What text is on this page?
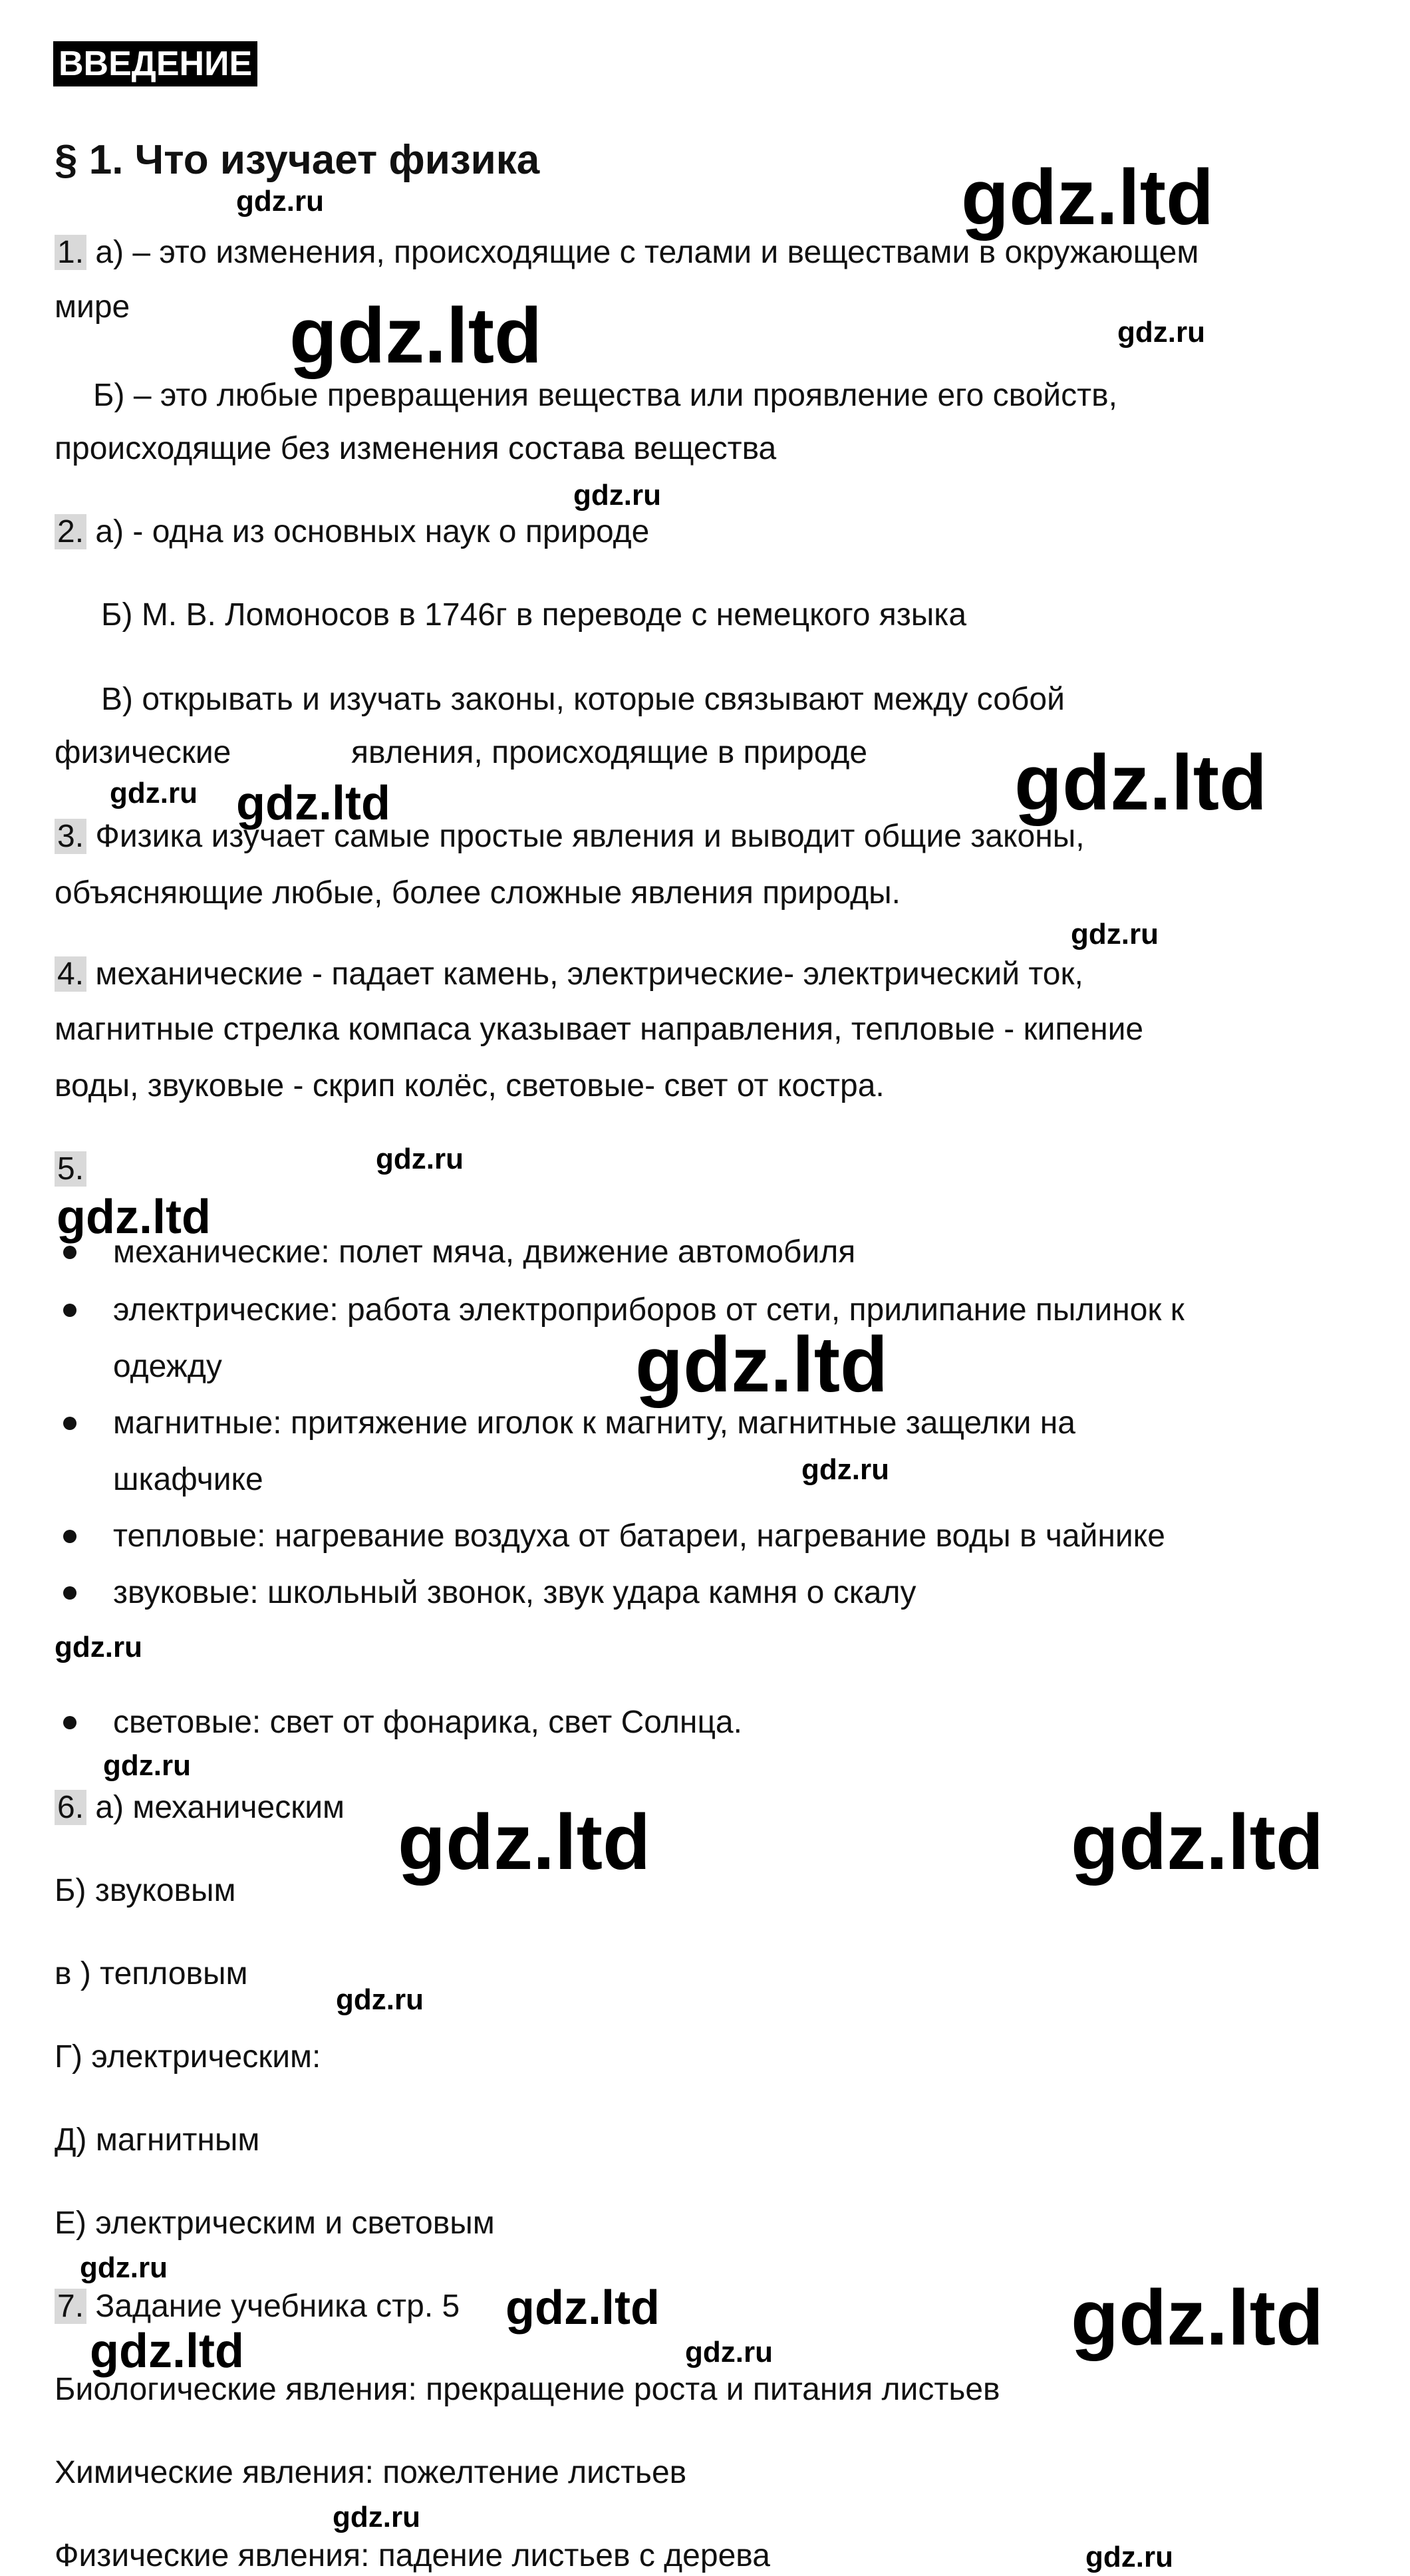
ВВЕДЕНИЕ
§ 1. Что изучает физика
1. а) – это изменения, происходящие с телами и веществами в окружающем
мире
Б) – это любые превращения вещества или проявление его свойств,
происходящие без изменения состава вещества
2. а) - одна из основных наук о природе
Б) М. В. Ломоносов в 1746г в переводе с немецкого языка
В) открывать и изучать законы, которые связывают между собой
физические	явления, происходящие в природе
3. Физика изучает самые простые явления и выводит общие законы,
объясняющие любые, более сложные явления природы.
4. механические - падает камень, электрические- электрический ток,
магнитные стрелка компаса указывает направления, тепловые - кипение
воды, звуковые - скрип колёс, световые- свет от костра.
5.
механические: полет мяча, движение автомобиля
электрические: работа электроприборов от сети, прилипание пылинок к
одежду
магнитные: притяжение иголок к магниту, магнитные защелки на
шкафчике
тепловые: нагревание воздуха от батареи, нагревание воды в чайнике
звуковые: школьный звонок, звук удара камня о скалу
световые: свет от фонарика, свет Солнца.
6. а) механическим
Б) звуковым
в ) тепловым
Г) электрическим:
Д) магнитным
Е) электрическим и световым
7. Задание учебника стр. 5
Биологические явления: прекращение роста и питания листьев
Химические явления: пожелтение листьев
Физические явления: падение листьев с дерева
gdz.ltd
gdz.ltd
gdz.ltd
gdz.ltd
gdz.ltd	gdz.ltd
gdz.ltd
gdz.ltd
gdz.ltd
gdz.ltd
gdz.ltd
gdz.ru
gdz.ru
gdz.ru
gdz.ru
gdz.ru
gdz.ru
gdz.ru
gdz.ru
gdz.ru
gdz.ru
gdz.ru
gdz.ru
gdz.ru
gdz.ru
